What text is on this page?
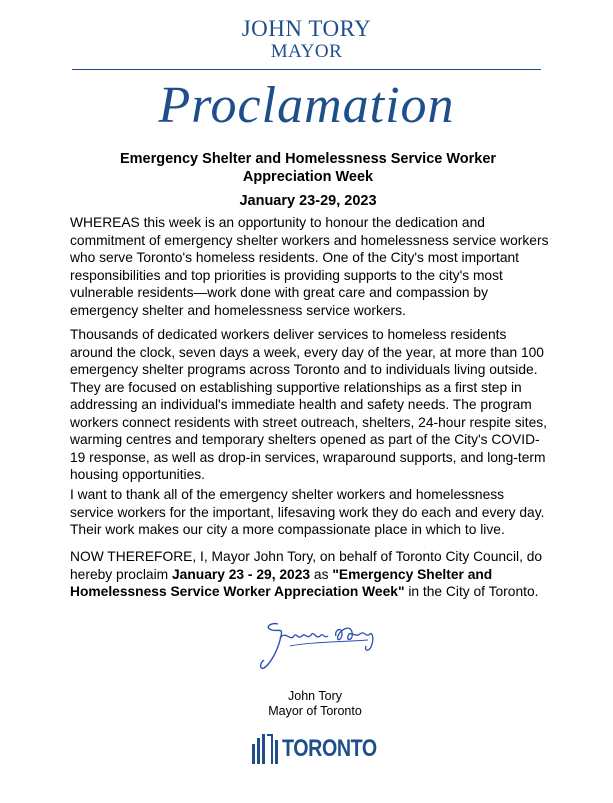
JOHN TORY
MAYOR
Proclamation
Emergency Shelter and Homelessness Service Worker
Appreciation Week
January 23-29, 2023

WHEREAS this week is an opportunity to honour the dedication and commitment of emergency shelter workers and homelessness service workers who serve Toronto's homeless residents. One of the City's most important responsibilities and top priorities is providing supports to the city's most vulnerable residents—work done with great care and compassion by emergency shelter and homelessness service workers.

Thousands of dedicated workers deliver services to homeless residents around the clock, seven days a week, every day of the year, at more than 100 emergency shelter programs across Toronto and to individuals living outside. They are focused on establishing supportive relationships as a first step in addressing an individual's immediate health and safety needs. The program workers connect residents with street outreach, shelters, 24-hour respite sites, warming centres and temporary shelters opened as part of the City's COVID-19 response, as well as drop-in services, wraparound supports, and long-term housing opportunities.

I want to thank all of the emergency shelter workers and homelessness service workers for the important, lifesaving work they do each and every day. Their work makes our city a more compassionate place in which to live.

NOW THEREFORE, I, Mayor John Tory, on behalf of Toronto City Council, do hereby proclaim January 23 - 29, 2023 as "Emergency Shelter and Homelessness Service Worker Appreciation Week" in the City of Toronto.

John Tory
Mayor of Toronto
TORONTO
